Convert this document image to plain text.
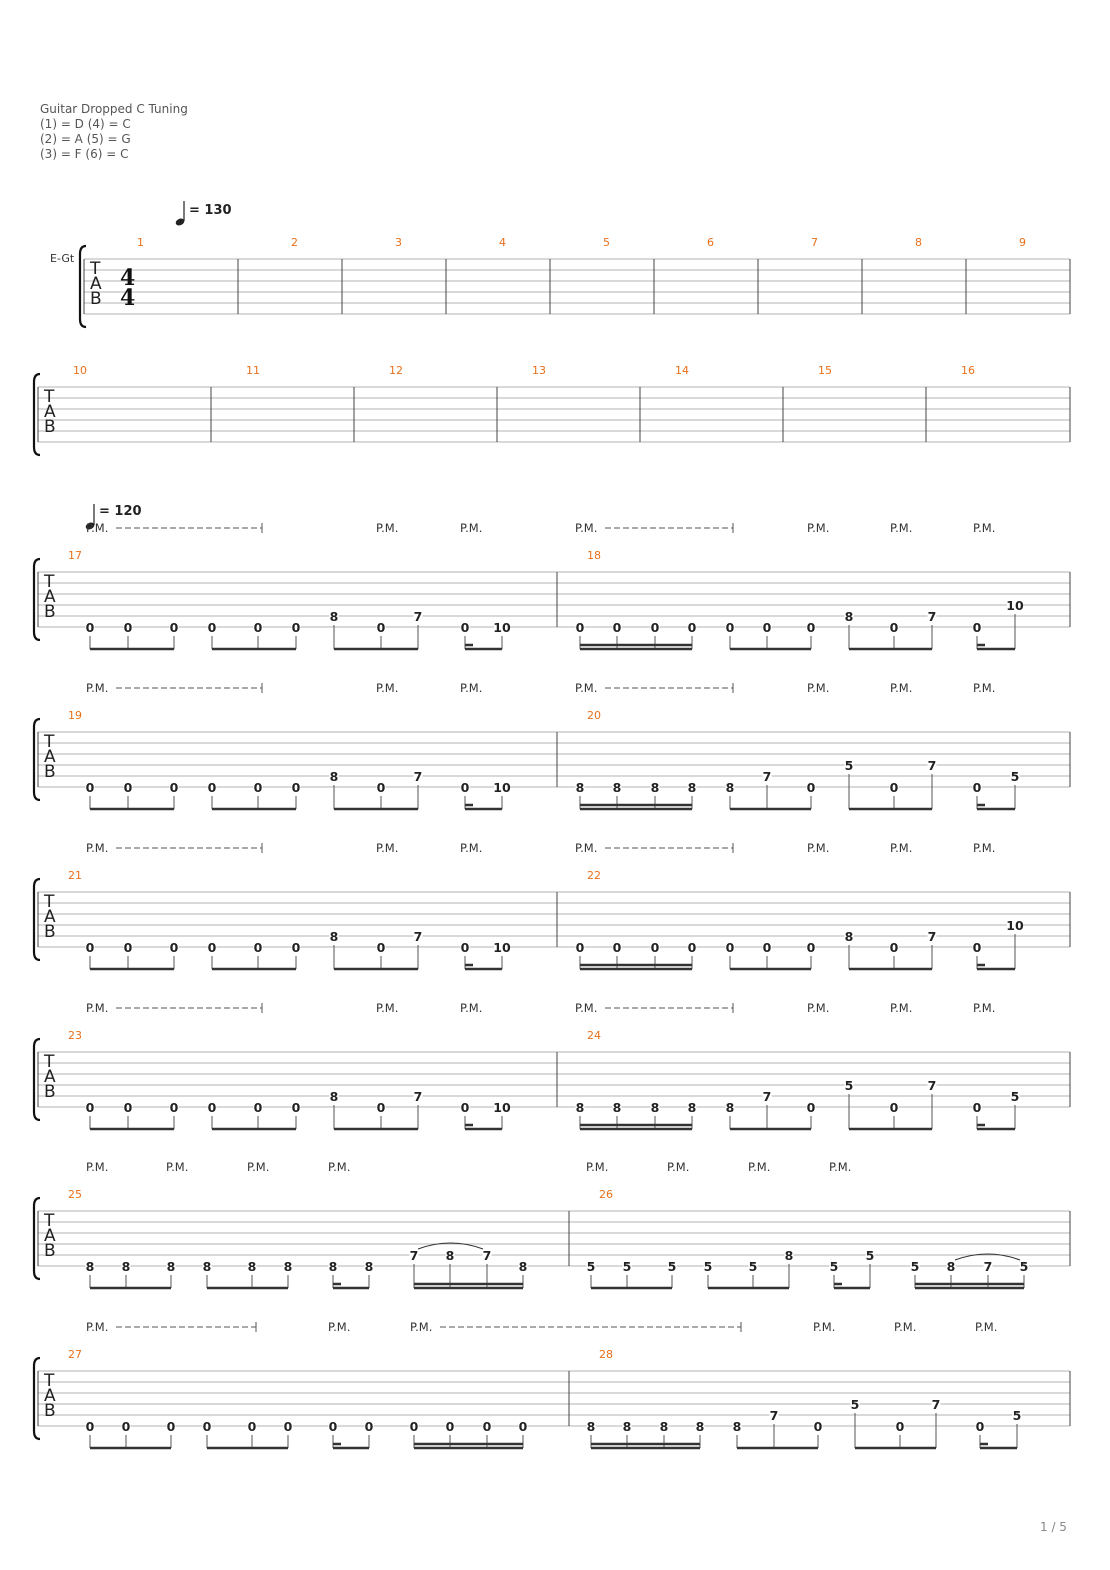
Guitar Dropped C Tuning
(1) = D (4) = C
(2) = A (5) = G
(3) = F (6) = C
= 130
= 120
E-Gt
T
A
B
4
4
1	2	3	4	5	6	7	8	9
T
A
B
10	11	12	13	14	15	16
T
A
B
17	18
0 0	0 0	0 0
8
0
7
0 10	0 0 0 0 0 0	0
8
0
7
0
10
P.M.	P.M.	P.M.	P.M.	P.M.	P.M.	P.M.
T
A
B
19	20
0 0	0 0	0 0
8
0
7
0 10	8 8 8 8 8
7
0
5
0
7
0
5
P.M.	P.M.	P.M.	P.M.	P.M.	P.M.	P.M.
T
A
B
21	22
0 0	0 0	0 0
8
0
7
0 10	0 0 0 0 0 0	0
8
0
7
0
10
P.M.	P.M.	P.M.	P.M.	P.M.	P.M.	P.M.
T
A
B
23	24
0 0	0 0	0 0
8
0
7
0 10	8 8 8 8 8
7
0
5
0
7
0
5
P.M.	P.M.	P.M.	P.M.	P.M.	P.M.	P.M.
T
A
B
25	26
8 8	8 8	8 8	8 8
7 8 7
8	5 5	5 5	5
8
5
5
5 8 7 5
P.M.	P.M.	P.M.	P.M.	P.M.	P.M.	P.M.	P.M.
T
A
B
27	28
0 0	0 0	0 0	0 0	0 0 0 0	8 8 8 8 8
7
0
5
0
7
0
5
P.M.	P.M.	P.M.	P.M.	P.M.	P.M.
1 / 5
